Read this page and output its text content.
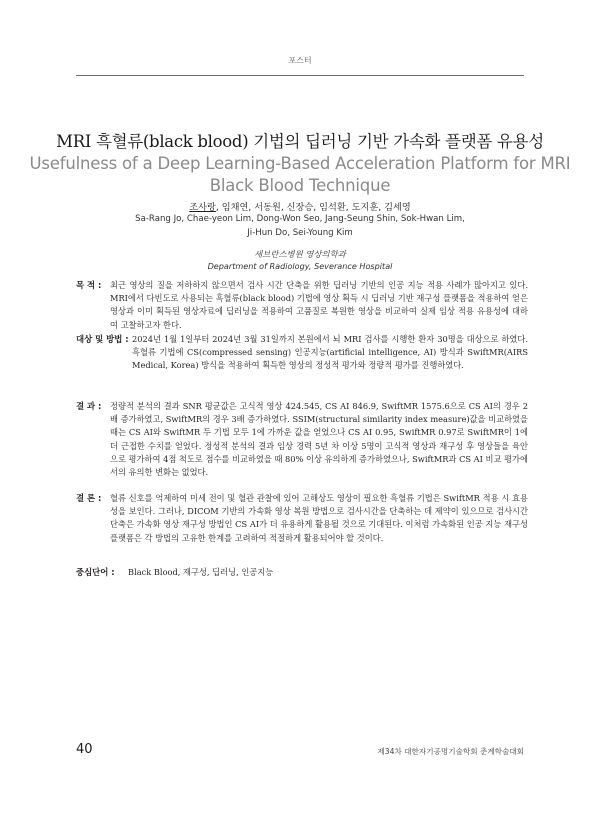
포스터
MRI 흑혈류(black blood) 기법의 딥러닝 기반 가속화 플랫폼 유용성
Usefulness of a Deep Learning-Based Acceleration Platform for MRI
Black Blood Technique
조사랑, 임채연, 서동원, 신장승, 임석환, 도지훈, 김세영
Sa-Rang Jo, Chae-yeon Lim, Dong-Won Seo, Jang-Seung Shin, Sok-Hwan Lim,
Ji-Hun Do, Sei-Young Kim
세브란스병원 영상의학과
Department of Radiology, Severance Hospital
목 적 : 최근 영상의 질을 저하하지 않으면서 검사 시간 단축을 위한 딥러닝 기반의 인공 지능 적용 사례가 많아지고 있다. MRI에서 다빈도로 사용되는 흑혈류(black blood) 기법에 영상 획득 시 딥러닝 기반 재구성 플랫폼을 적용하여 얻은 영상과 이미 획득된 영상자료에 딥러닝을 적용하여 고품질로 복원한 영상을 비교하여 실제 임상 적용 유용성에 대하여 고찰하고자 한다.
대상 및 방법 : 2024년 1월 1일부터 2024년 3월 31일까지 본원에서 뇌 MRI 검사를 시행한 환자 30명을 대상으로 하였다. 흑혈류 기법에 CS(compressed sensing) 인공지능(artificial intelligence, AI) 방식과 SwiftMR(AIRS Medical, Korea) 방식을 적용하여 획득한 영상의 정성적 평가와 정량적 평가를 진행하였다.
결 과 : 정량적 분석의 결과 SNR 평균값은 고식적 영상 424.545, CS AI 846.9, SwiftMR 1575.6으로 CS AI의 경우 2배 증가하였고, SwiftMR의 경우 3배 증가하였다. SSIM(structural similarity index measure)값을 비교하였을 때는 CS AI와 SwiftMR 두 기법 모두 1에 가까운 값을 얻었으나 CS AI 0.95, SwiftMR 0.97로 SwiftMR이 1에 더 근접한 수치를 얻었다. 정성적 분석의 결과 임상 경력 5년 차 이상 5명이 고식적 영상과 재구성 후 영상들을 육안으로 평가하여 4점 척도로 점수를 비교하였을 때 80% 이상 유의하게 증가하였으나, SwiftMR과 CS AI 비교 평가에서의 유의한 변화는 없었다.
결 론 : 혈류 신호를 억제하여 미세 전이 및 혈관 관찰에 있어 고해상도 영상이 필요한 흑혈류 기법은 SwiftMR 적용 시 효용성을 보인다. 그러나, DICOM 기반의 가속화 영상 복원 방법으로 검사시간을 단축하는 데 제약이 있으므로 검사시간 단축은 가속화 영상 재구성 방법인 CS AI가 더 유용하게 활용될 것으로 기대된다. 이처럼 가속화된 인공 지능 재구성 플랫폼은 각 방법의 고유한 한계를 고려하여 적절하게 활용되어야 할 것이다.
중심단어 : Black Blood, 재구성, 딥러닝, 인공지능
40	제34차 대한자기공명기술학회 춘계학술대회
